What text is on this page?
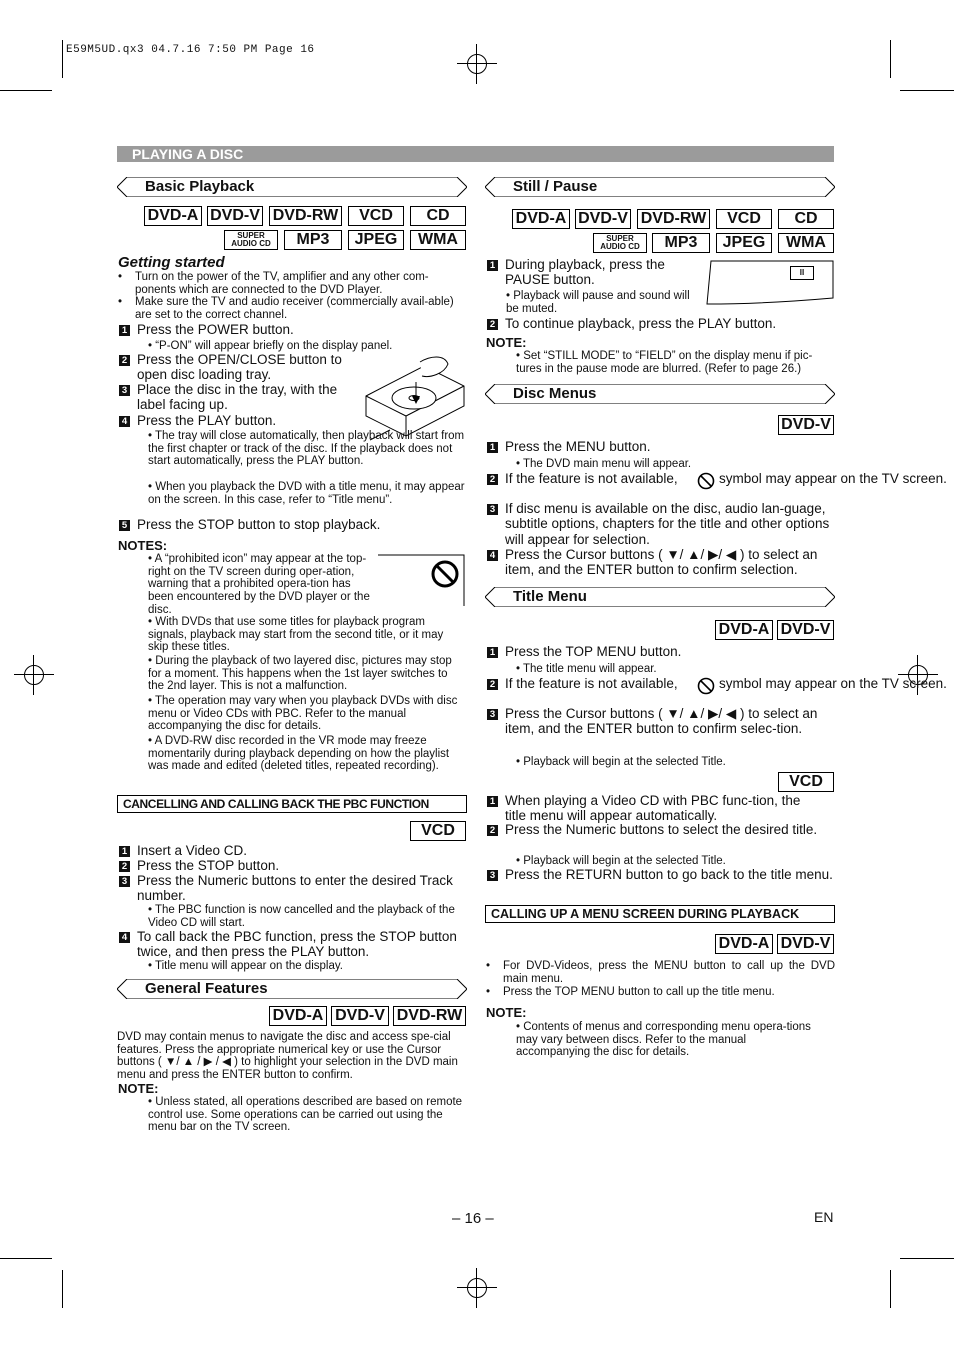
E59M5UD.qx3 04.7.16 7:50 PM Page 16
PLAYING A DISC
Basic Playback
DVD-A DVD-V DVD-RW	VCD	CD
SUPER
AUDIO CD	MP3	JPEG	WMA
Getting started
• Turn on the power of the TV, amplifier and any other com-ponents which are connected to the DVD Player.
• Make sure the TV and audio receiver (commercially avail-able) are set to the correct channel.
1 Press the POWER button.
• “P-ON” will appear briefly on the display panel.
2 Press the OPEN/CLOSE button to open disc loading tray.
3 Place the disc in the tray, with the label facing up.
4 Press the PLAY button.
• The tray will close automatically, then playback will start from the first chapter or track of the disc. If the playback does not start automatically, press the PLAY button.
• When you playback the DVD with a title menu, it may appear on the screen. In this case, refer to “Title menu”.
5 Press the STOP button to stop playback.
NOTES:
• A “prohibited icon” may appear at the top-right on the TV screen during oper-ation, warning that a prohibited opera-tion has been encountered by the DVD player or the disc.
• With DVDs that use some titles for playback program signals, playback may start from the second title, or it may skip these titles.
• During the playback of two layered disc, pictures may stop for a moment. This happens when the 1st layer switches to the 2nd layer. This is not a malfunction.
• The operation may vary when you playback DVDs with disc menu or Video CDs with PBC. Refer to the manual accompanying the disc for details.
• A DVD-RW disc recorded in the VR mode may freeze momentarily during playback depending on how the playlist was made and edited (deleted titles, repeated recording).
CANCELLING AND CALLING BACK THE PBC FUNCTION
VCD
1 Insert a Video CD.
2 Press the STOP button.
3 Press the Numeric buttons to enter the desired Track number.
• The PBC function is now cancelled and the playback of the Video CD will start.
4 To call back the PBC function, press the STOP button twice, and then press the PLAY button.
• Title menu will appear on the display.
General Features
DVD-A DVD-V DVD-RW
DVD may contain menus to navigate the disc and access spe-cial features. Press the appropriate numerical key or use the Cursor buttons ( ▼/ ▲ / ▶ / ◀ ) to highlight your selection in the DVD main menu and press the ENTER button to confirm.
NOTE:
• Unless stated, all operations described are based on remote control use. Some operations can be carried out using the menu bar on the TV screen.
Still / Pause
DVD-A DVD-V DVD-RW	VCD	CD
SUPER
AUDIO CD	MP3	JPEG	WMA
1 During playback, press the PAUSE button.	II
• Playback will pause and sound will be muted.
2 To continue playback, press the PLAY button.
NOTE:
• Set “STILL MODE” to “FIELD” on the display menu if pic-tures in the pause mode are blurred. (Refer to page 26.)
Disc Menus
DVD-V
1 Press the MENU button.
• The DVD main menu will appear.
2 If the feature is not available,	symbol may appear on the TV screen.
3 If disc menu is available on the disc, audio lan-guage, subtitle options, chapters for the title and other options will appear for selection.
4 Press the Cursor buttons ( ▼/ ▲/ ▶/ ◀ ) to select an item, and the ENTER button to confirm selection.
Title Menu
DVD-A DVD-V
1 Press the TOP MENU button.
• The title menu will appear.
2 If the feature is not available,	symbol may appear on the TV screen.
3 Press the Cursor buttons ( ▼/ ▲/ ▶/ ◀ ) to select an item, and the ENTER button to confirm selec-tion.
• Playback will begin at the selected Title.
VCD
1 When playing a Video CD with PBC func-tion, the title menu will appear automatically.
2 Press the Numeric buttons to select the desired title.
• Playback will begin at the selected Title.
3 Press the RETURN button to go back to the title menu.
CALLING UP A MENU SCREEN DURING PLAYBACK
DVD-A DVD-V
• For DVD-Videos, press the MENU button to call up the DVD main menu.
• Press the TOP MENU button to call up the title menu.
NOTE:
• Contents of menus and corresponding menu opera-tions may vary between discs. Refer to the manual accompanying the disc for details.
– 16 –	EN
